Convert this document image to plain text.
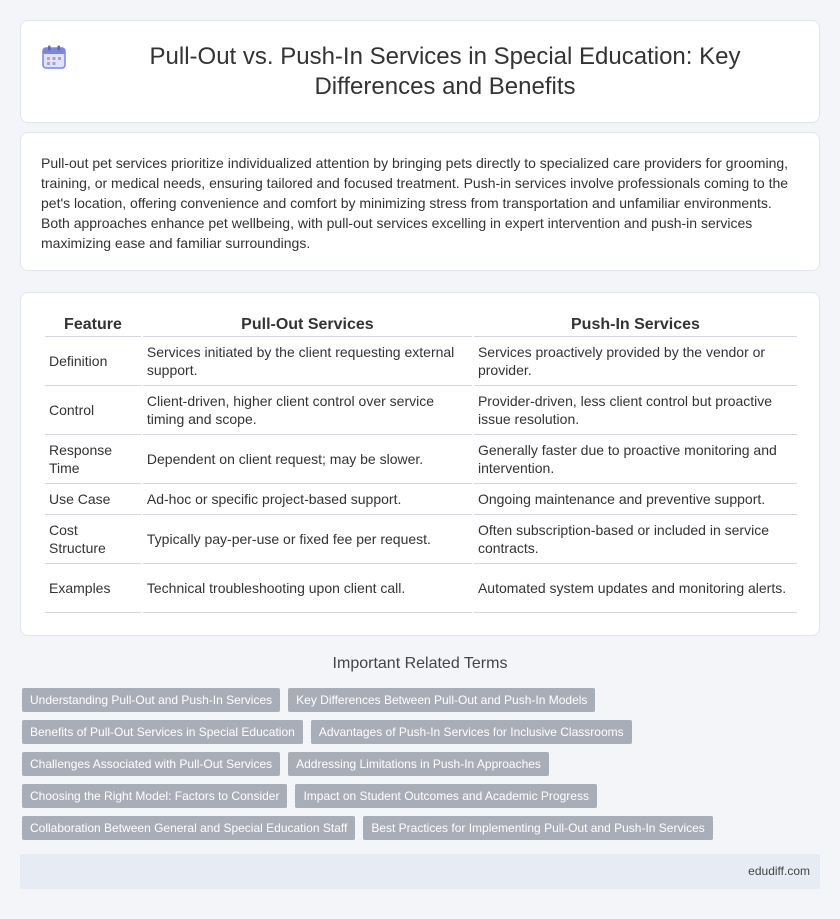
Pull-Out vs. Push-In Services in Special Education: Key Differences and Benefits

Pull-out pet services prioritize individualized attention by bringing pets directly to specialized care providers for grooming, training, or medical needs, ensuring tailored and focused treatment. Push-in services involve professionals coming to the pet's location, offering convenience and comfort by minimizing stress from transportation and unfamiliar environments. Both approaches enhance pet wellbeing, with pull-out services excelling in expert intervention and push-in services maximizing ease and familiar surroundings.

Feature	Pull-Out Services	Push-In Services
Definition	Services initiated by the client requesting external support.	Services proactively provided by the vendor or provider.
Control	Client-driven, higher client control over service timing and scope.	Provider-driven, less client control but proactive issue resolution.
Response Time	Dependent on client request; may be slower.	Generally faster due to proactive monitoring and intervention.
Use Case	Ad-hoc or specific project-based support.	Ongoing maintenance and preventive support.
Cost Structure	Typically pay-per-use or fixed fee per request.	Often subscription-based or included in service contracts.
Examples	Technical troubleshooting upon client call.	Automated system updates and monitoring alerts.
Important Related Terms
Understanding Pull-Out and Push-In Services	Key Differences Between Pull-Out and Push-In Models
Benefits of Pull-Out Services in Special Education	Advantages of Push-In Services for Inclusive Classrooms
Challenges Associated with Pull-Out Services	Addressing Limitations in Push-In Approaches
Choosing the Right Model: Factors to Consider	Impact on Student Outcomes and Academic Progress
Collaboration Between General and Special Education Staff	Best Practices for Implementing Pull-Out and Push-In Services
edudiff.com
